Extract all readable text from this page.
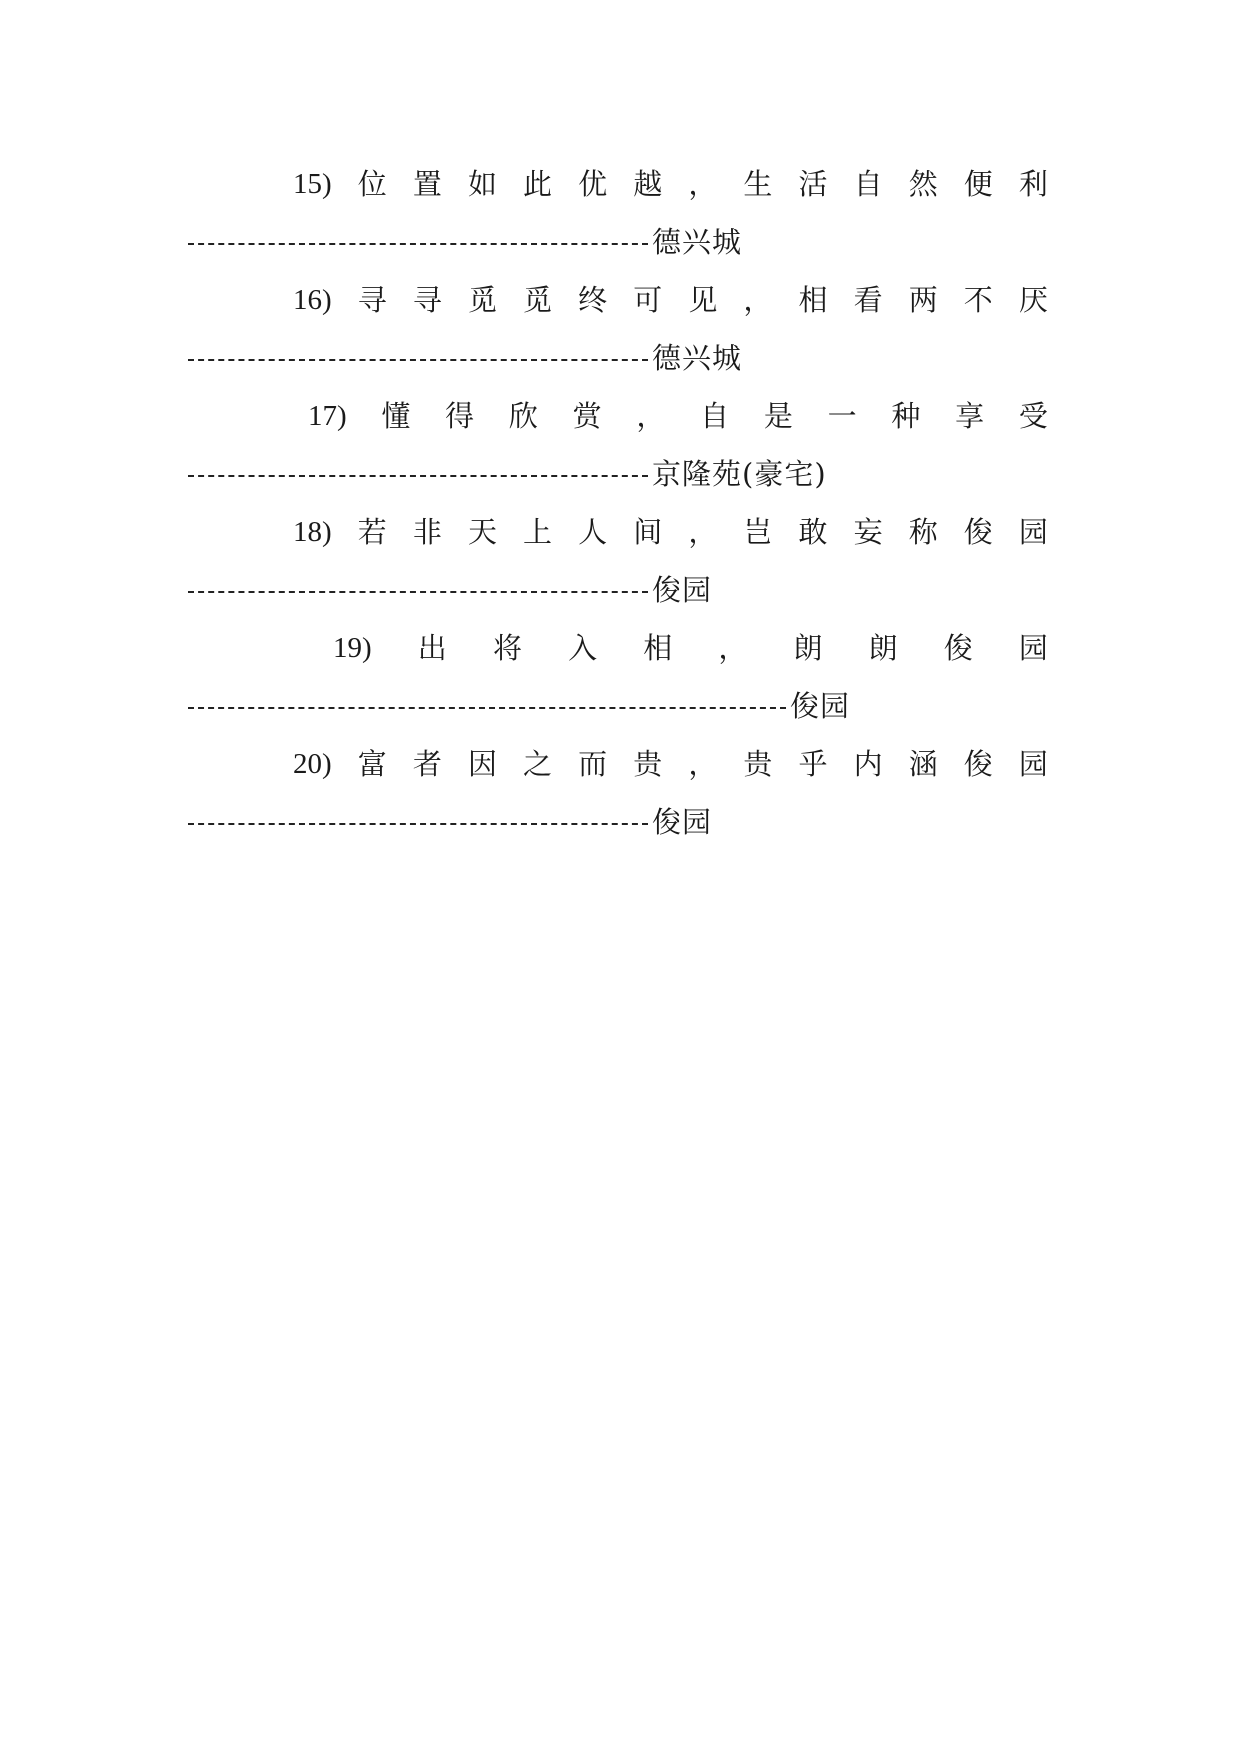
15) 位 置 如 此 优 越 ， 生 活 自 然 便 利
德兴城
16) 寻 寻 觅 觅 终 可 见 ， 相 看 两 不 厌
德兴城
17) 懂 得 欣 赏 ， 自 是 一 种 享 受
京隆苑(豪宅)
18) 若 非 天 上 人 间 ， 岂 敢 妄 称 俊 园
俊园
19) 出 将 入 相 ， 朗 朗 俊 园
俊园
20) 富 者 因 之 而 贵 ， 贵 乎 内 涵 俊 园
俊园
